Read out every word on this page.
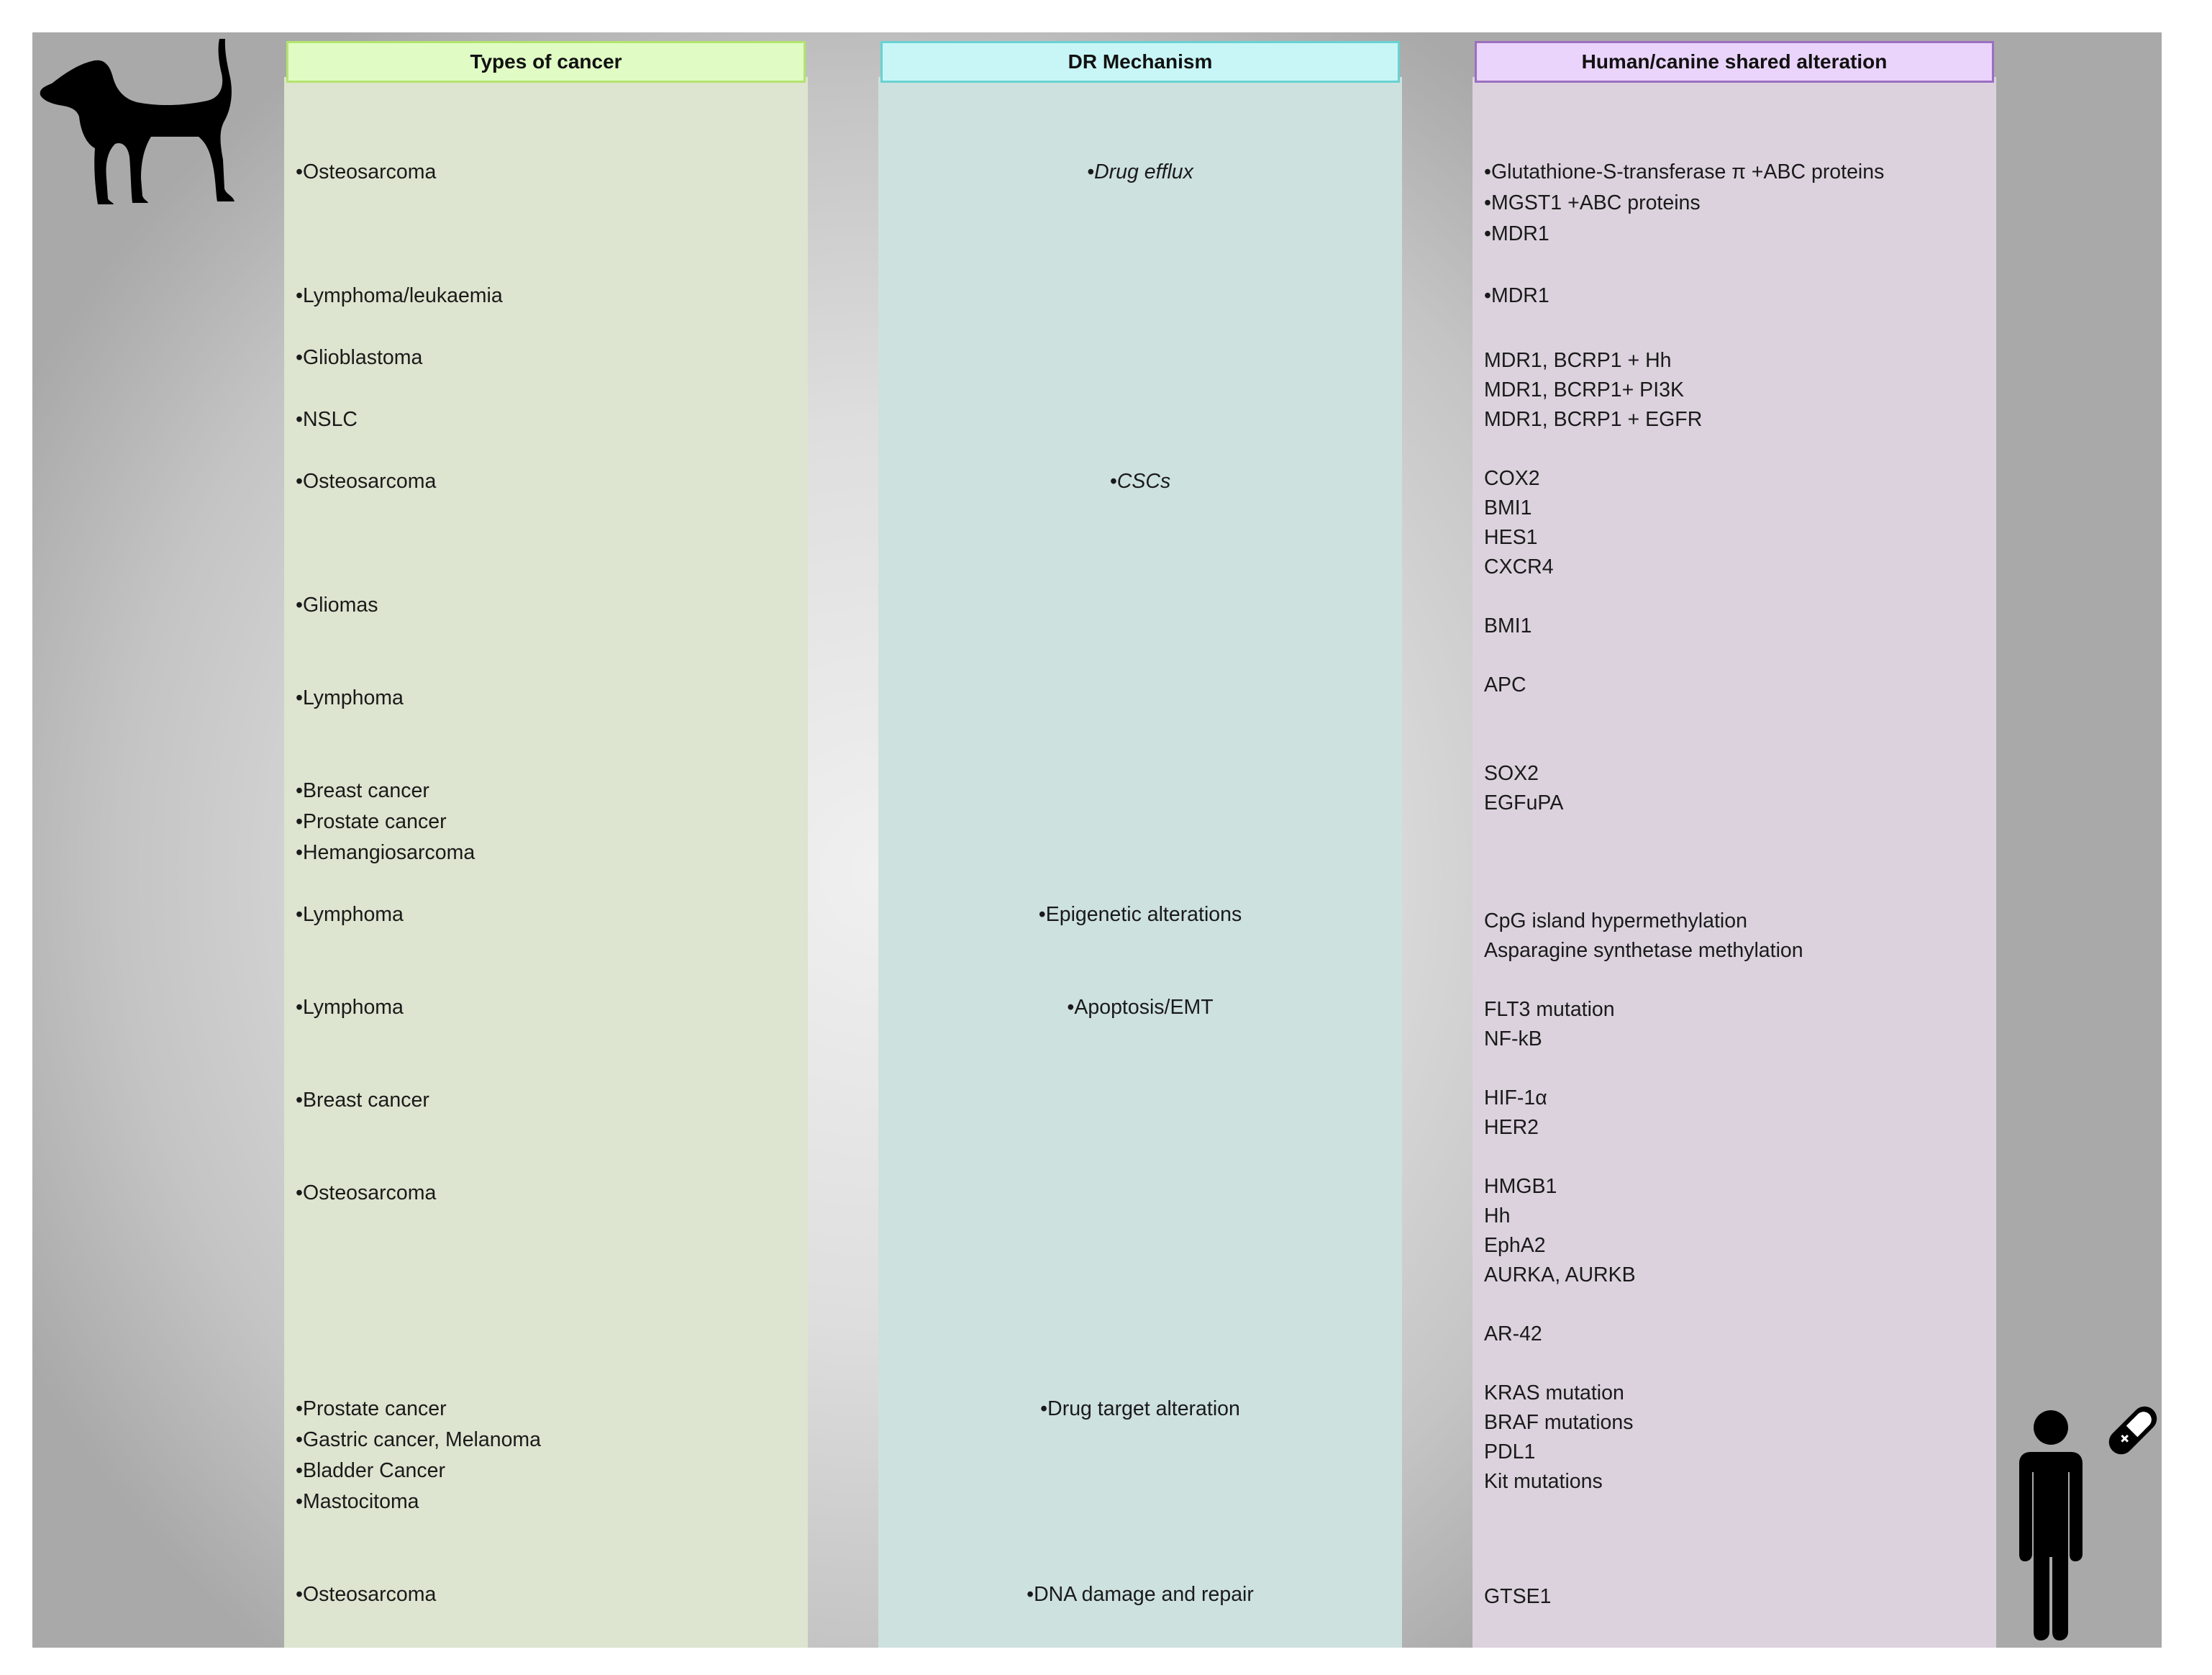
•Osteosarcoma
•Lymphoma/leukaemia
•Glioblastoma
•NSLC
•Osteosarcoma
•Gliomas
•Lymphoma
•Breast cancer
•Prostate cancer
•Hemangiosarcoma
•Lymphoma
•Lymphoma
•Breast cancer
•Osteosarcoma
•Prostate cancer
•Gastric cancer, Melanoma
•Bladder Cancer
•Mastocitoma
•Osteosarcoma
Types of cancer
•Drug efflux
•CSCs
•Epigenetic alterations
•Apoptosis/EMT
•Drug target alteration
•DNA damage and repair
DR Mechanism
•Glutathione-S-transferase π +ABC proteins
•MGST1 +ABC proteins
•MDR1
•MDR1
MDR1, BCRP1 + Hh
MDR1, BCRP1+ PI3K
MDR1, BCRP1 + EGFR
COX2
BMI1
HES1
CXCR4
BMI1
APC
SOX2
EGFuPA
CpG island hypermethylation
Asparagine synthetase methylation
FLT3 mutation
NF-kB
HIF-1α
HER2
HMGB1
Hh
EphA2
AURKA, AURKB
AR-42
KRAS mutation
BRAF mutations
PDL1
Kit mutations
GTSE1
Human/canine shared alteration
